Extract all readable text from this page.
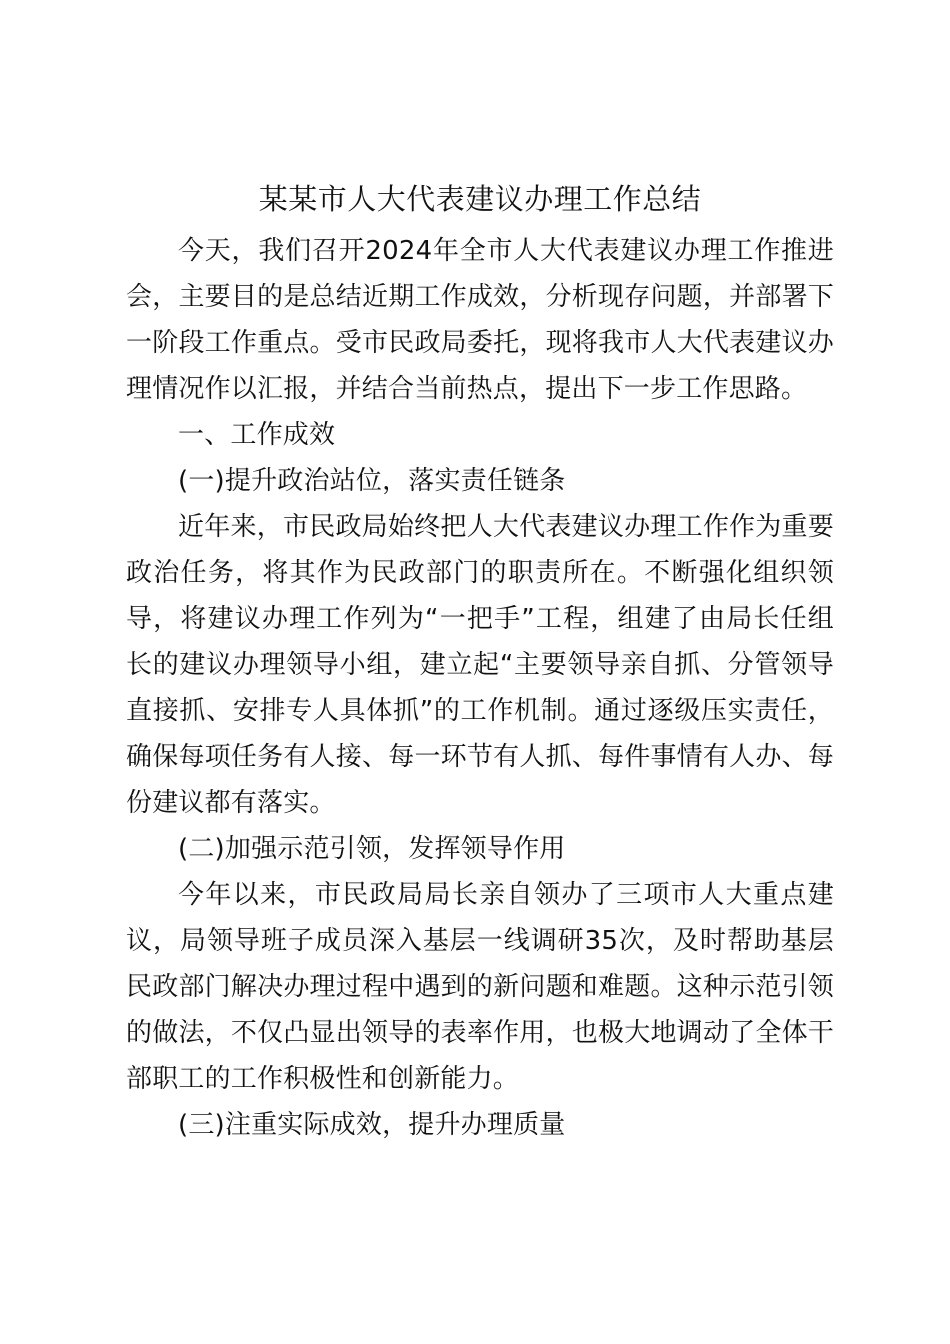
某某市人大代表建议办理工作总结

今天，我们召开2024年全市人大代表建议办理工作推进会，主要目的是总结近期工作成效，分析现存问题，并部署下一阶段工作重点。受市民政局委托，现将我市人大代表建议办理情况作以汇报，并结合当前热点，提出下一步工作思路。

一、工作成效

(一)提升政治站位，落实责任链条

近年来，市民政局始终把人大代表建议办理工作作为重要政治任务，将其作为民政部门的职责所在。不断强化组织领导，将建议办理工作列为“一把手”工程，组建了由局长任组长的建议办理领导小组，建立起“主要领导亲自抓、分管领导直接抓、安排专人具体抓”的工作机制。通过逐级压实责任，确保每项任务有人接、每一环节有人抓、每件事情有人办、每份建议都有落实。

(二)加强示范引领，发挥领导作用

今年以来，市民政局局长亲自领办了三项市人大重点建议，局领导班子成员深入基层一线调研35次，及时帮助基层民政部门解决办理过程中遇到的新问题和难题。这种示范引领的做法，不仅凸显出领导的表率作用，也极大地调动了全体干部职工的工作积极性和创新能力。

(三)注重实际成效，提升办理质量
